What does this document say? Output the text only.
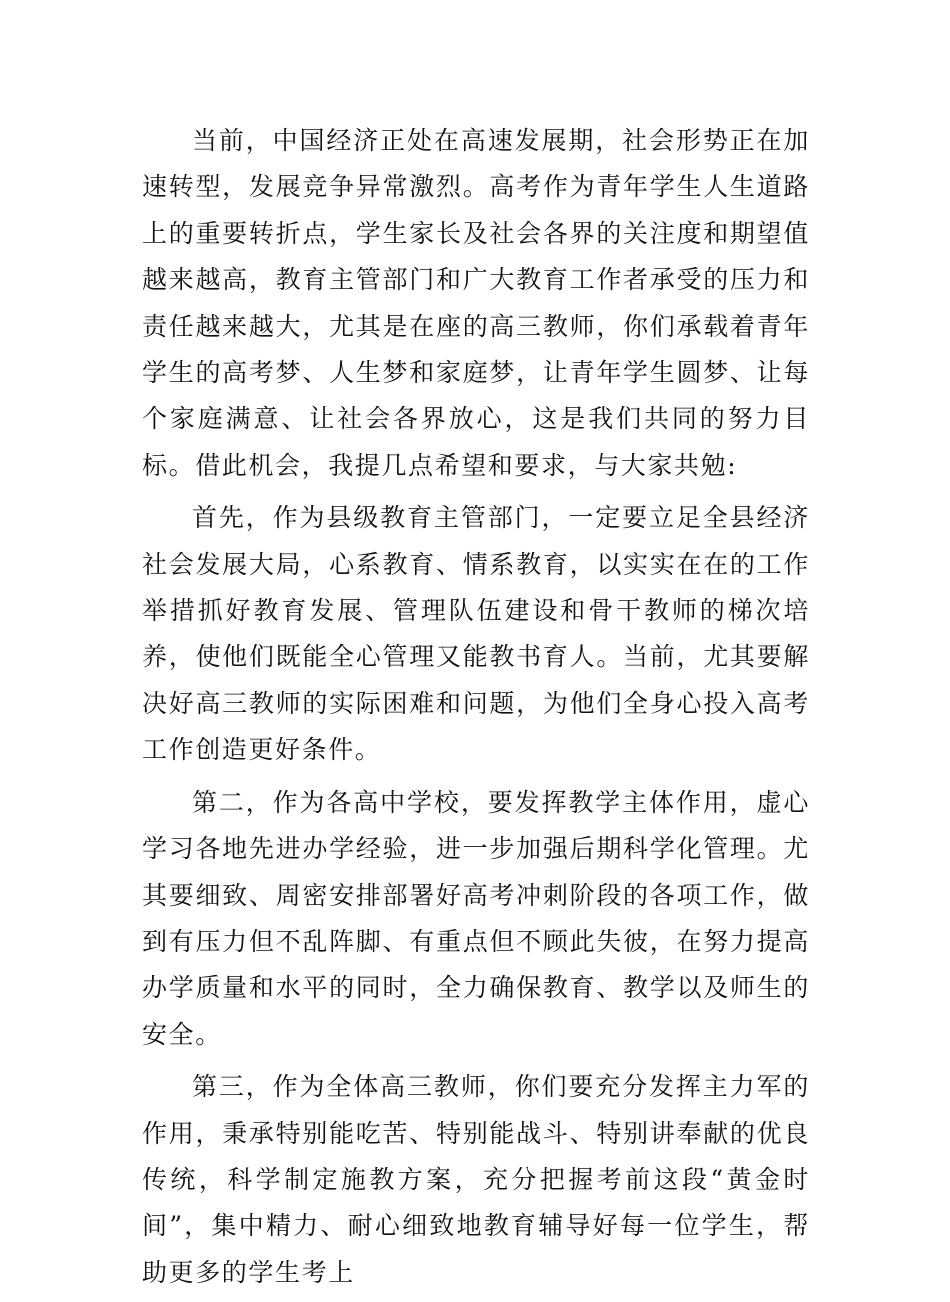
当前，中国经济正处在高速发展期，社会形势正在加速转型，发展竞争异常激烈。高考作为青年学生人生道路上的重要转折点，学生家长及社会各界的关注度和期望值越来越高，教育主管部门和广大教育工作者承受的压力和责任越来越大，尤其是在座的高三教师，你们承载着青年学生的高考梦、人生梦和家庭梦，让青年学生圆梦、让每个家庭满意、让社会各界放心，这是我们共同的努力目标。借此机会，我提几点希望和要求，与大家共勉:

首先，作为县级教育主管部门，一定要立足全县经济社会发展大局，心系教育、情系教育，以实实在在的工作举措抓好教育发展、管理队伍建设和骨干教师的梯次培养，使他们既能全心管理又能教书育人。当前，尤其要解决好高三教师的实际困难和问题，为他们全身心投入高考工作创造更好条件。

第二，作为各高中学校，要发挥教学主体作用，虚心学习各地先进办学经验，进一步加强后期科学化管理。尤其要细致、周密安排部署好高考冲刺阶段的各项工作，做到有压力但不乱阵脚、有重点但不顾此失彼，在努力提高办学质量和水平的同时，全力确保教育、教学以及师生的安全。

第三，作为全体高三教师，你们要充分发挥主力军的作用，秉承特别能吃苦、特别能战斗、特别讲奉献的优良传统，科学制定施教方案，充分把握考前这段“黄金时间”，集中精力、耐心细致地教育辅导好每一位学生，帮助更多的学生考上
